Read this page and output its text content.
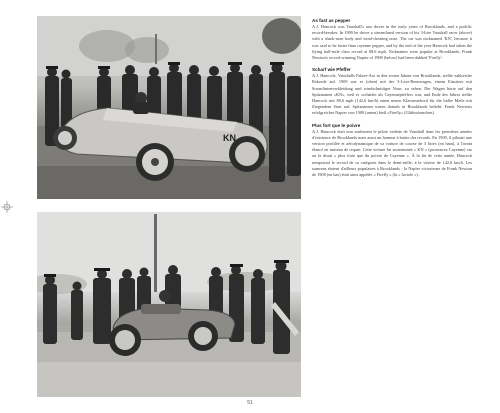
KN
As fast as pepper

A.J. Hancock was Vauxhall's star driver in the early years of Brooklands, and a prolific record-breaker. In 1909 he drove a streamlined version of his 3-litre Vauxhall racer (above) with a shark-nose body and wind-cheating nose. The car was nicknamed 'KN', because it was said to be faster than cayenne pepper, and by the end of the year Hancock had taken the flying half-mile class record at 88.6 mph. Nicknames were popular at Brooklands: Frank Newton's record-winning Napier of 1908 (below) had been dubbed 'Firefly'.

Scharf wie Pfeffer

A.J. Hancock, Vauxhalls Fahrer-Ass in den ersten Jahren von Brooklands, stellte zahlreiche Rekorde auf. 1909 war er (oben) mit der 3-Liter-Rennwagen, einem Einsitzer mit Stromlinienverkleidung und windschnittiger Nase, zu sehen. Der Wagen hörte auf den Spitznamen »KN«, weil er »schärfer als Cayennepfeffer« war, und Ende des Jahres stellte Hancock mit 88,6 mph (142,6 km/h) einen neuen Klassenrekord für die halbe Meile mit fliegendem Start auf. Spitznamen waren damals in Brooklands beliebt: Frank Newtons erfolgreicher Napier von 1908 (unten) hieß »Firefly« (Glühwürmchen).

Plus fort que le poivre

A.J. Hancock était non seulement le pilote vedette de Vauxhall dans les premières années d'existence de Brooklands mais aussi un homme à battre des records. En 1909, il pilotait une version profilée et aérodynamique de sa voiture de course de 3 litres (en haut), à l'avant élancé en museau de requin. Cette voiture fut surnommée « KN » (prononcez Cayenne) car on la disait « plus forte que du poivre de Cayenne ». À la fin de cette année, Hancock remportait le record de sa catégorie dans le demi-mille, à la vitesse de 142,6 km/h. Les surnoms étaient d'ailleurs populaires à Brooklands : la Napier victorieuse de Frank Newton de 1908 (en bas) était ainsi appelée « Firefly » (la « luciole »).

51
